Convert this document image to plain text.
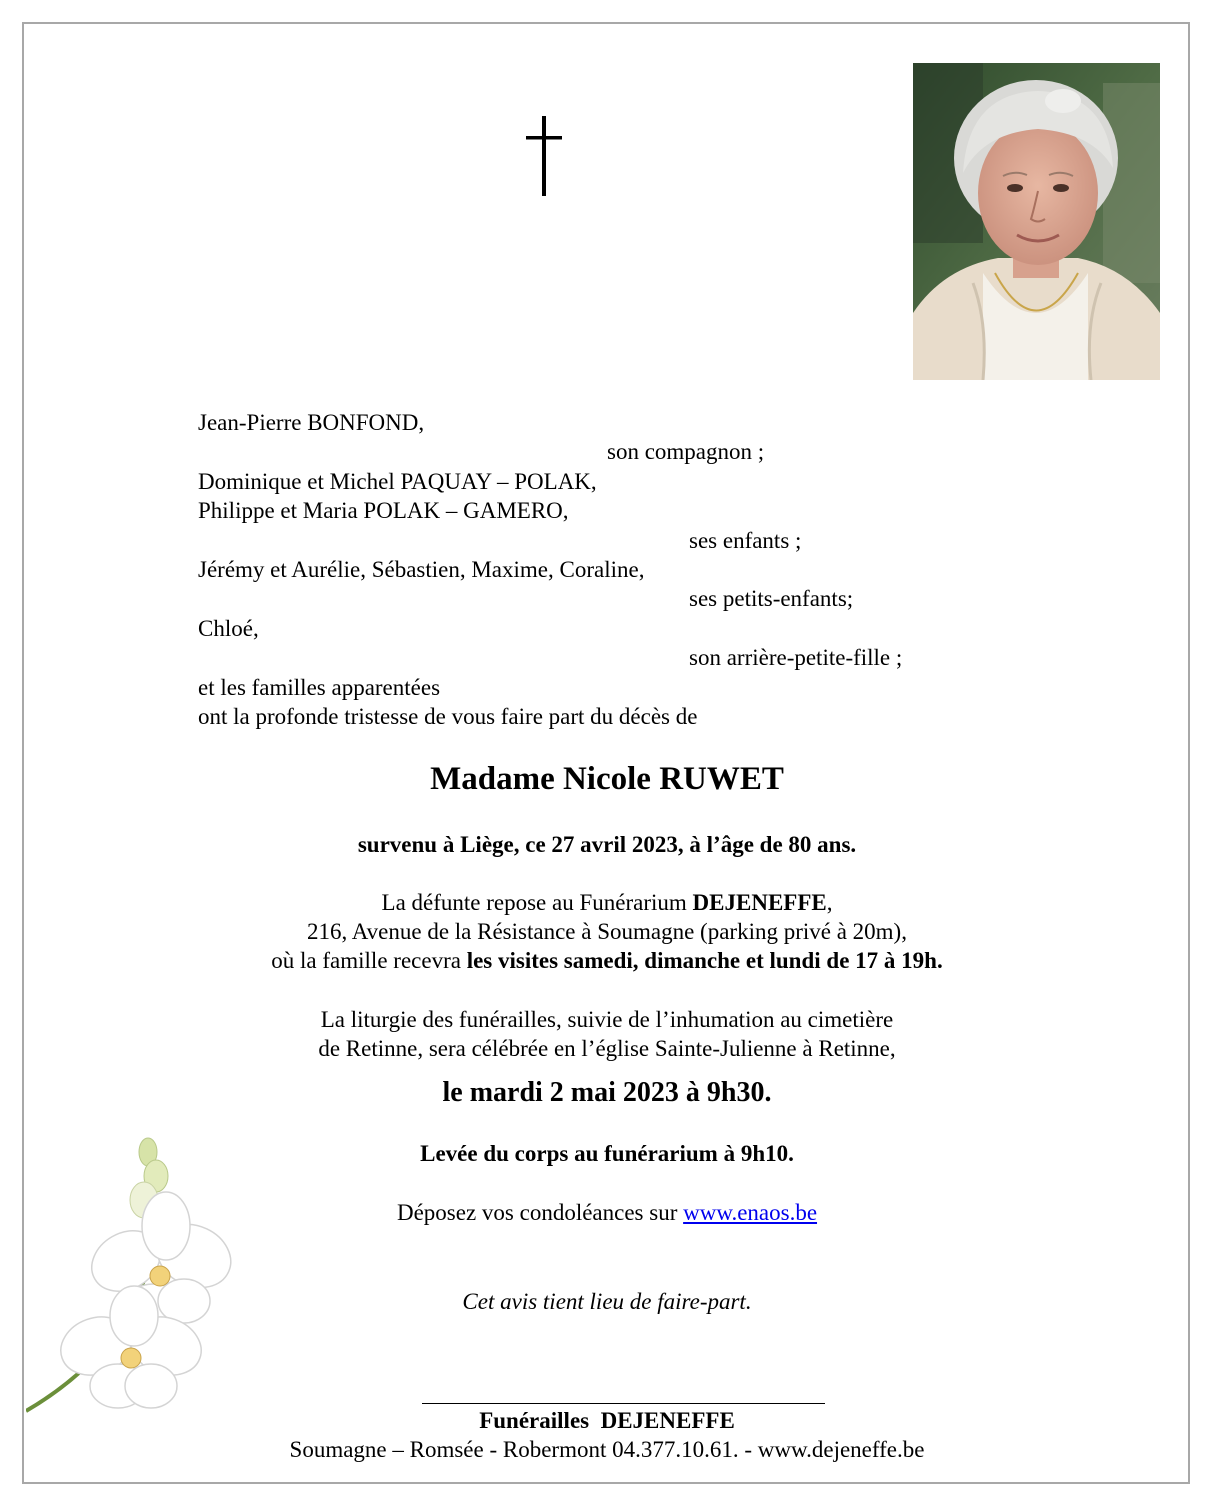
Jean-Pierre BONFOND,
son compagnon ;
Dominique et Michel PAQUAY – POLAK,
Philippe et Maria POLAK – GAMERO,
ses enfants ;
Jérémy et Aurélie, Sébastien, Maxime, Coraline,
ses petits-enfants;
Chloé,
son arrière-petite-fille ;
et les familles apparentées
ont la profonde tristesse de vous faire part du décès de
Madame Nicole RUWET
survenu à Liège, ce 27 avril 2023, à l’âge de 80 ans.
La défunte repose au Funérarium DEJENEFFE,
216, Avenue de la Résistance à Soumagne (parking privé à 20m),
où la famille recevra les visites samedi, dimanche et lundi de 17 à 19h.
La liturgie des funérailles, suivie de l’inhumation au cimetière
de Retinne, sera célébrée en l’église Sainte-Julienne à Retinne,
le mardi 2 mai 2023 à 9h30.
Levée du corps au funérarium à 9h10.
Déposez vos condoléances sur www.enaos.be
Cet avis tient lieu de faire-part.
Funérailles  DEJENEFFE
Soumagne – Romsée - Robermont 04.377.10.61. - www.dejeneffe.be
